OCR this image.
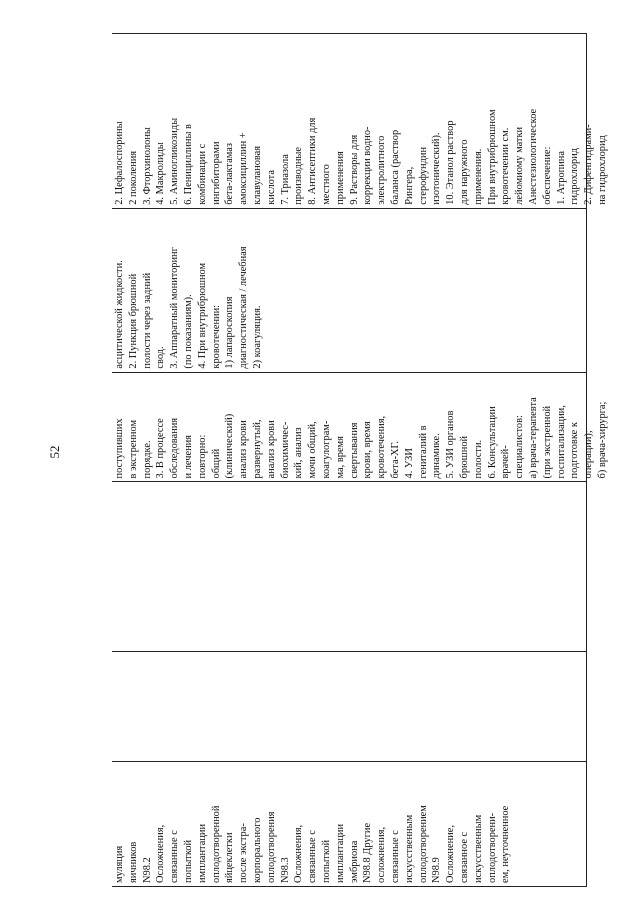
52
муляция яичников N98.2 Осложнения, связанные с попыткой имплантации оплодотворенной яйцеклетки после экстра- корпорального оплодотворения N98.3 Осложнения, связанные с попыткой имплантации эмбриона N98.8 Другие осложнения, связанные с искусственным оплодотворением N98.9 Осложнение, связанное с искусственным оплодотворени- ем, неуточненное
поступивших в экстренном порядке. 3. В процессе обследования и лечения повторно: общий (клинический) анализ крови развернутый, анализ крови биохимичес- кий, анализ мочи общий, коагулограм- ма, время свертывания крови, время кровотечения, бета-ХГ. 4. УЗИ гениталий в динамике. 5. УЗИ органов брюшной полости. 6. Консультации врачей- специалистов: а) врача-терапевта (при экстренной госпитализации, подготовке к операции); б) врача-хирурга;
асцитической жидкости. 2. Пункция брюшной полости через задний свод. 3. Аппаратный мониторинг (по показаниям). 4. При внутрибрюшном кровотечении: 1) лапароскопия диагностическая / лечебная 2) коагуляция.
2. Цефалоспорины 2 поколения 3. Фторхинолоны 4. Макролиды 5. Аминогликозиды 6. Пенициллины в комбинации с ингибиторами бета-лактамаз амоксициллин + клавулановая кислота 7. Триазола производные 8. Антисептики для местного применения 9. Растворы для коррекции водно- электролитного баланса (раствор Рингера, стерофундин изотонический). 10. Этанол раствор для наружного применения. При внутрибрюшном кровотечении см. лейомиому матки Анестезиологическое обеспечение: 1. Атропина гидрохлорид 2. Дифенгидрами- на гидрохлорид
